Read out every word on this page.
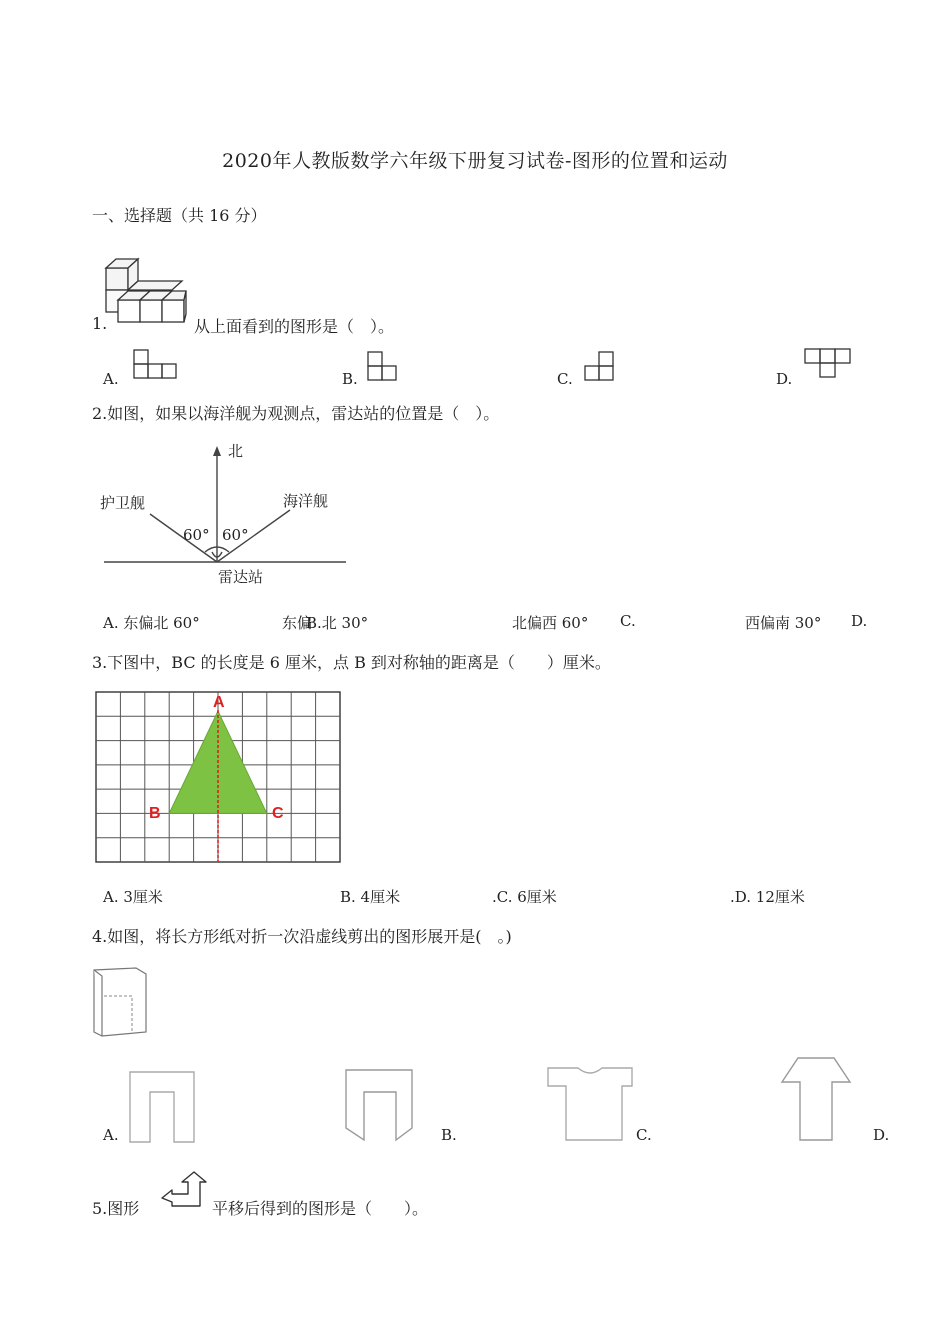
2020年人教版数学六年级下册复习试卷-图形的位置和运动
一、选择题（共 16 分）
1.	从上面看到的图形是（　）。
A.	B.	C.	D.
2.如图，如果以海洋舰为观测点，雷达站的位置是（　）。
北
护卫舰	海洋舰
60° 60°
雷达站
A. 东偏北 60°	东偏
B.北 30°	北偏西 60° C.	西偏南 30° D.
3.下图中，BC 的长度是 6 厘米，点 B 到对称轴的距离是（　　）厘米。
A
B	C
A. 3厘米	B. 4厘米	.C. 6厘米	.D. 12厘米
4.如图，将长方形纸对折一次沿虚线剪出的图形展开是(　。)
A.	B.	C.	D.
5.图形	平移后得到的图形是（　　）。
